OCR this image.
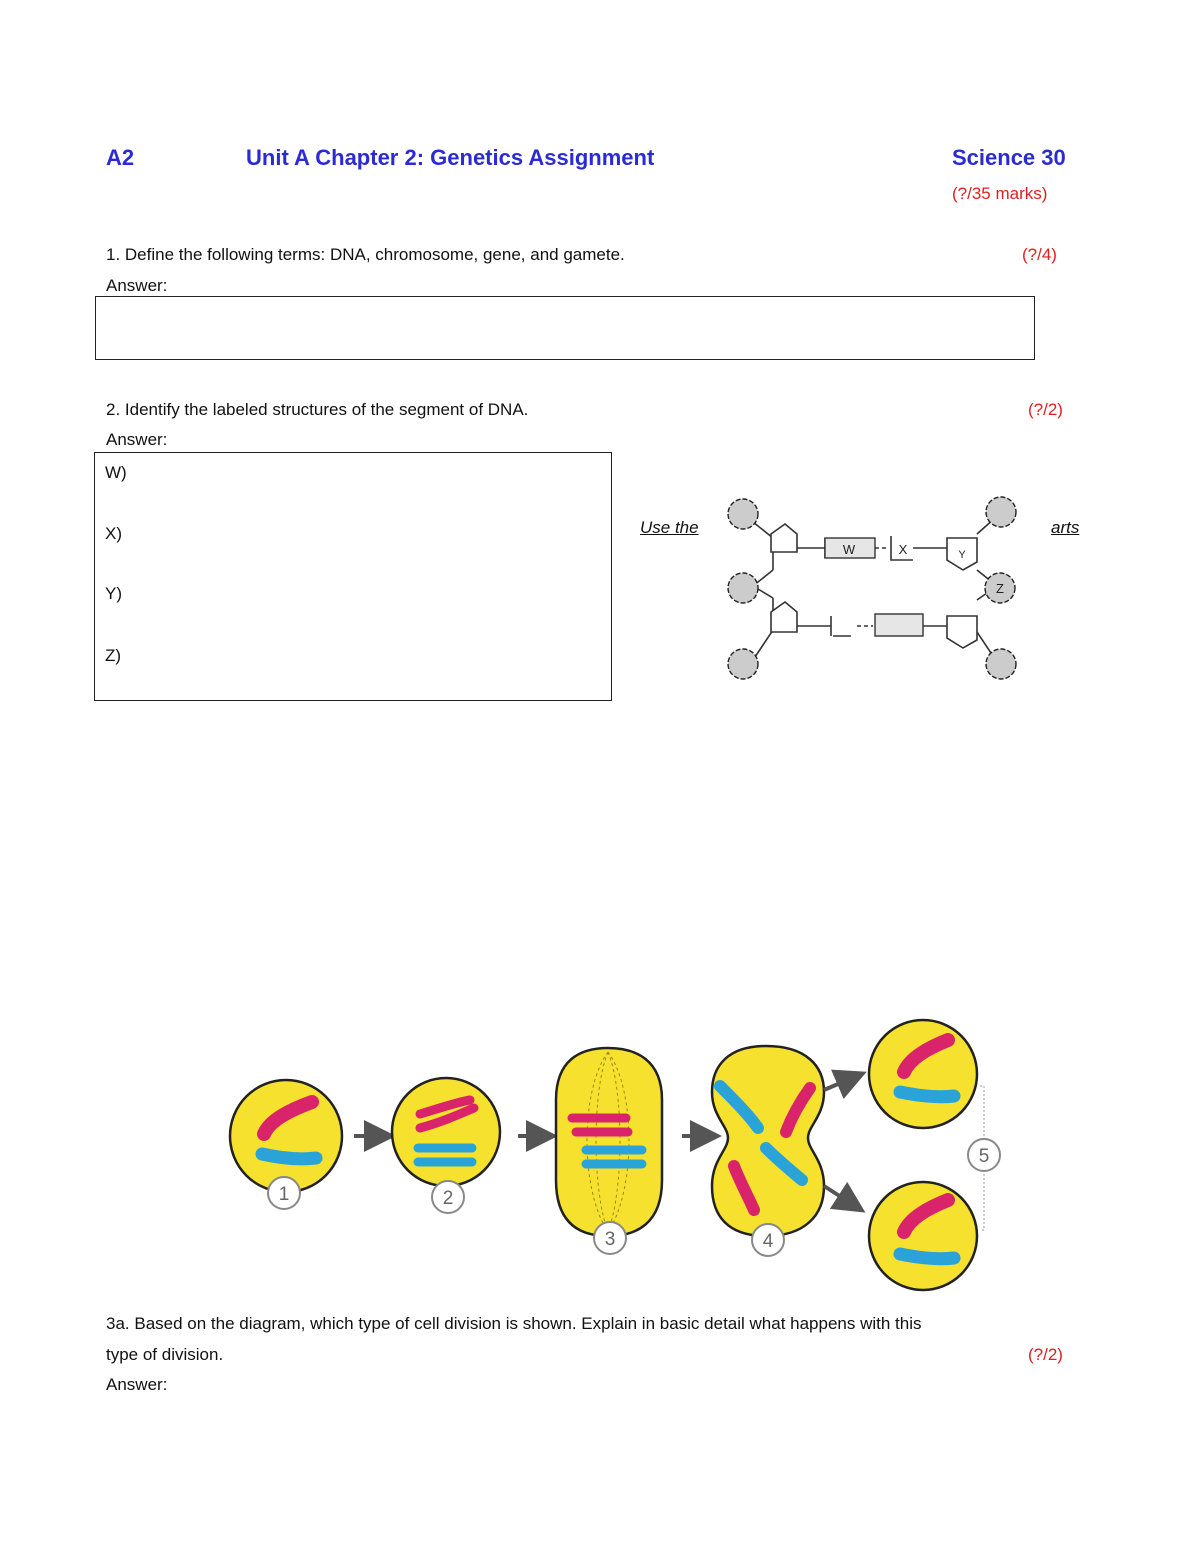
A2	Unit A Chapter 2: Genetics Assignment	Science 30
(?/35 marks)
1. Define the following terms: DNA, chromosome, gene, and gamete.	(?/4)
Answer:
2. Identify the labeled structures of the segment of DNA.	(?/2)
Answer:
W)
X)
Y)
Z)
Use the	arts
Z
W	X	Y
1	2
3	4
5
3a. Based on the diagram, which type of cell division is shown. Explain in basic detail what happens with this
type of division.	(?/2)
Answer:
